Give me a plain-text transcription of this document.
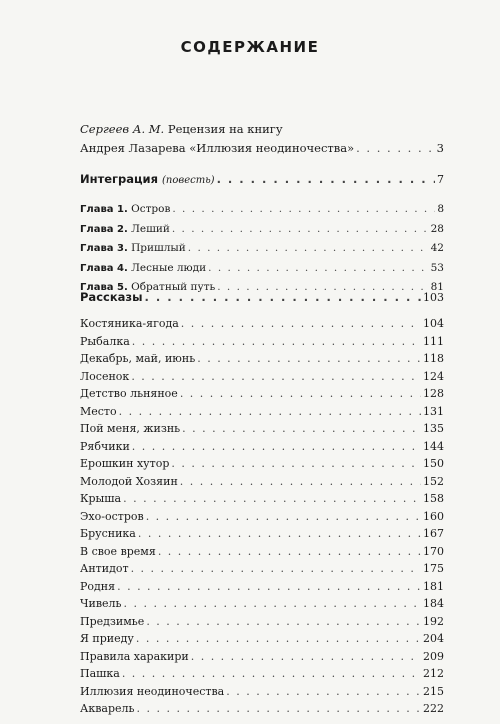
СОДЕРЖАНИЕ
Сергеев А. М. Рецензия на книгу
Андрея Лазарева «Иллюзия неодиночества» . . .	3
Интеграция (повесть) . . .	7
Глава 1. Остров . . .	8
Глава 2. Леший . . .	28
Глава 3. Пришлый . . .	42
Глава 4. Лесные люди . . .	53
Глава 5. Обратный путь . . .	81
Рассказы . . .	103
Костяника-ягода . . .	104
Рыбалка . . .	111
Декабрь, май, июнь . . .	118
Лосенок . . .	124
Детство льняное . . .	128
Место . . .	131
Пой меня, жизнь . . .	135
Рябчики . . .	144
Ерошкин хутор . . .	150
Молодой Хозяин . . .	152
Крыша . . .	158
Эхо-остров . . .	160
Брусника . . .	167
В свое время . . .	170
Антидот . . .	175
Родня . . .	181
Чивель . . .	184
Предзимье . . .	192
Я приеду . . .	204
Правила харакири . . .	209
Пашка . . .	212
Иллюзия неодиночества . . .	215
Акварель . . .	222
